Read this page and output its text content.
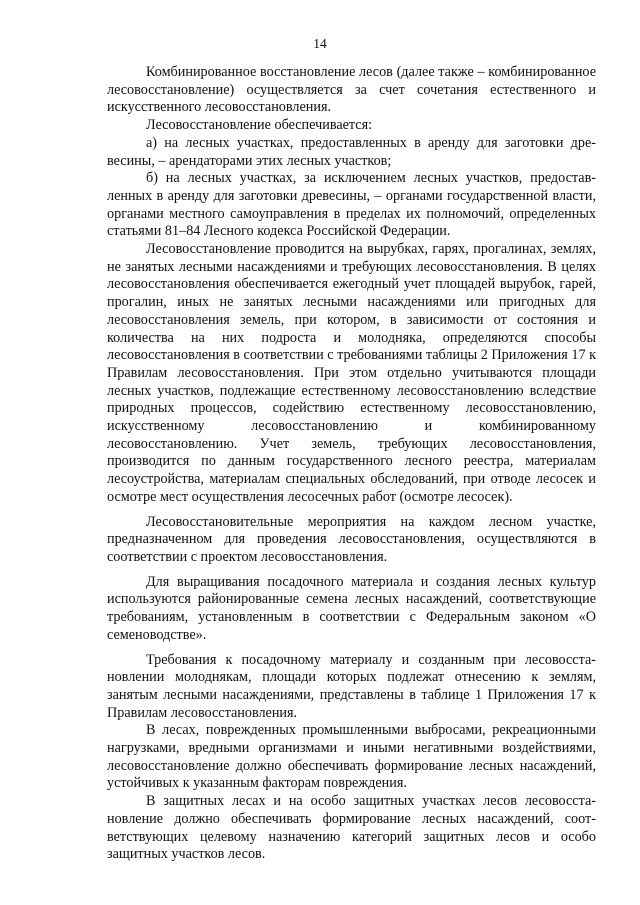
14

Комбинированное восстановление лесов (далее также – комбинированное лесовосстановление) осуществляется за счет сочетания естественного и искусственного лесовосстановления.

Лесовосстановление обеспечивается:

а) на лесных участках, предоставленных в аренду для заготовки древесины, – арендаторами этих лесных участков;

б) на лесных участках, за исключением лесных участков, предоставленных в аренду для заготовки древесины, – органами государственной власти, органами местного самоуправления в пределах их полномочий, определенных статьями 81–84 Лесного кодекса Российской Федерации.

Лесовосстановление проводится на вырубках, гарях, прогалинах, землях, не занятых лесными насаждениями и требующих лесовосстановления. В целях лесовосстановления обеспечивается ежегодный учет площадей вырубок, гарей, прогалин, иных не занятых лесными насаждениями или пригодных для лесовосстановления земель, при котором, в зависимости от состояния и количества на них подроста и молодняка, определяются способы лесовосстановления в соответствии с требованиями таблицы 2 Приложения 17 к Правилам лесовосстановления. При этом отдельно учитываются площади лесных участков, подлежащие естественному лесовосстановлению вследствие природных процессов, содействию естественному лесовосстановлению, искусственному лесовосстановлению и комбинированному лесовосстановлению. Учет земель, требующих лесовосстановления, производится по данным государственного лесного реестра, материалам лесоустройства, материалам специальных обследований, при отводе лесосек и осмотре мест осуществления лесосечных работ (осмотре лесосек).

Лесовосстановительные мероприятия на каждом лесном участке, предназначенном для проведения лесовосстановления, осуществляются в соответствии с проектом лесовосстановления.

Для выращивания посадочного материала и создания лесных культур используются районированные семена лесных насаждений, соответствующие требованиям, установленным в соответствии с Федеральным законом «О семеноводстве».

Требования к посадочному материалу и созданным при лесовосстановлении молоднякам, площади которых подлежат отнесению к землям, занятым лесными насаждениями, представлены в таблице 1 Приложения 17 к Правилам лесовосстановления.

В лесах, поврежденных промышленными выбросами, рекреационными нагрузками, вредными организмами и иными негативными воздействиями, лесовосстановление должно обеспечивать формирование лесных насаждений, устойчивых к указанным факторам повреждения.

В защитных лесах и на особо защитных участках лесов лесовосстановление должно обеспечивать формирование лесных насаждений, соответствующих целевому назначению категорий защитных лесов и особо защитных участков лесов.
